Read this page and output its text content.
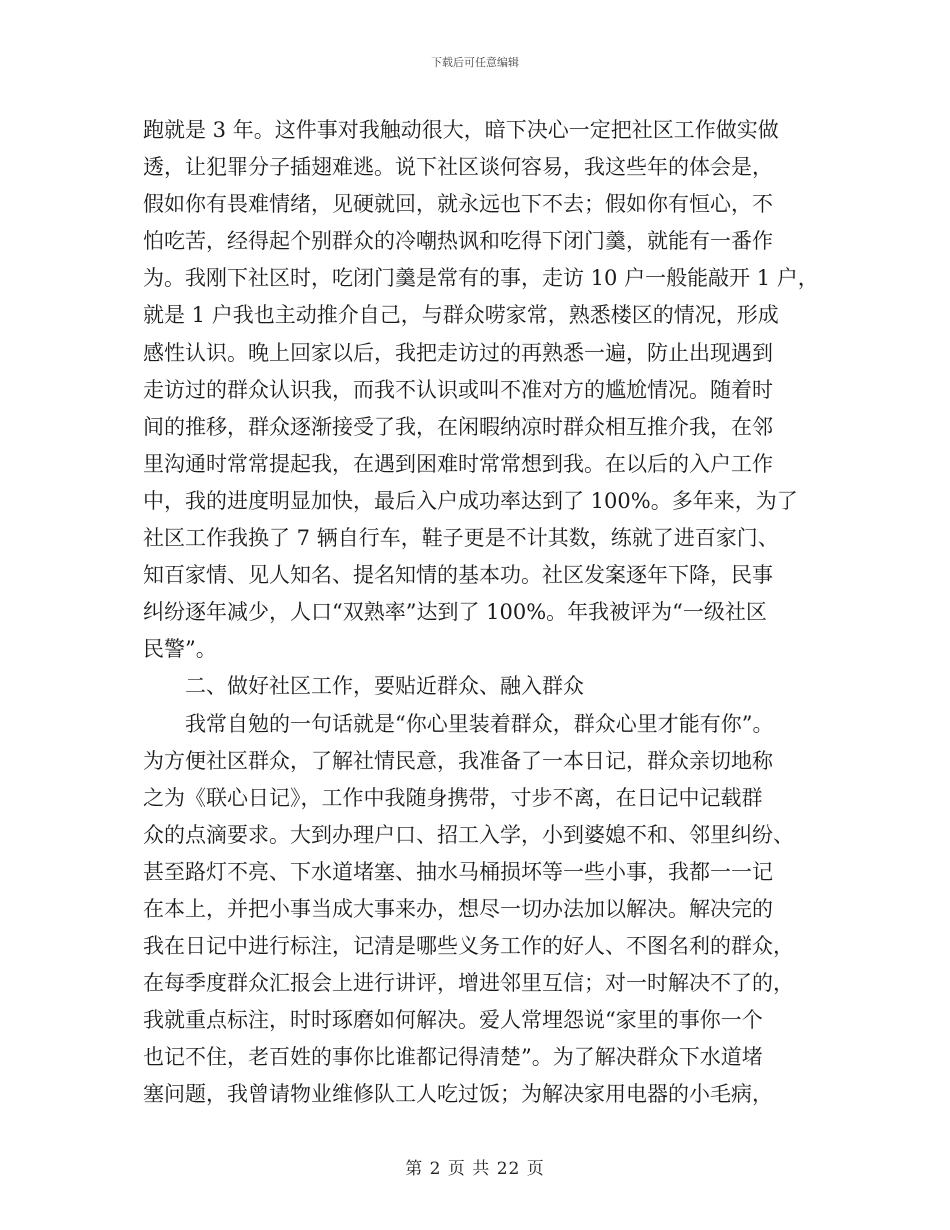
下载后可任意编辑
跑就是 3 年。这件事对我触动很大，暗下决心一定把社区工作做实做
透，让犯罪分子插翅难逃。说下社区谈何容易，我这些年的体会是，
假如你有畏难情绪，见硬就回，就永远也下不去；假如你有恒心，不
怕吃苦，经得起个别群众的冷嘲热讽和吃得下闭门羹，就能有一番作
为。我刚下社区时，吃闭门羹是常有的事，走访 10 户一般能敲开 1 户，
就是 1 户我也主动推介自己，与群众唠家常，熟悉楼区的情况，形成
感性认识。晚上回家以后，我把走访过的再熟悉一遍，防止出现遇到
走访过的群众认识我，而我不认识或叫不准对方的尴尬情况。随着时
间的推移，群众逐渐接受了我，在闲暇纳凉时群众相互推介我，在邻
里沟通时常常提起我，在遇到困难时常常想到我。在以后的入户工作
中，我的进度明显加快，最后入户成功率达到了 100%。多年来，为了
社区工作我换了 7 辆自行车，鞋子更是不计其数，练就了进百家门、
知百家情、见人知名、提名知情的基本功。社区发案逐年下降，民事
纠纷逐年减少，人口“双熟率”达到了 100%。年我被评为“一级社区
民警”。
二、做好社区工作，要贴近群众、融入群众
我常自勉的一句话就是“你心里装着群众，群众心里才能有你”。
为方便社区群众，了解社情民意，我准备了一本日记，群众亲切地称
之为《联心日记》，工作中我随身携带，寸步不离，在日记中记载群
众的点滴要求。大到办理户口、招工入学，小到婆媳不和、邻里纠纷、
甚至路灯不亮、下水道堵塞、抽水马桶损坏等一些小事，我都一一记
在本上，并把小事当成大事来办，想尽一切办法加以解决。解决完的
我在日记中进行标注，记清是哪些义务工作的好人、不图名利的群众，
在每季度群众汇报会上进行讲评，增进邻里互信；对一时解决不了的，
我就重点标注，时时琢磨如何解决。爱人常埋怨说“家里的事你一个
也记不住，老百姓的事你比谁都记得清楚”。为了解决群众下水道堵
塞问题，我曾请物业维修队工人吃过饭；为解决家用电器的小毛病，
第 2 页 共 22 页
